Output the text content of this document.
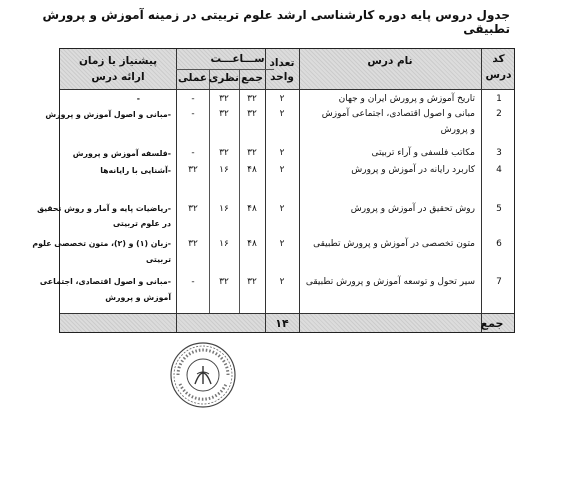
جدول دروس پایه دوره کارشناسی ارشد علوم تربیتی در زمینه آموزش و پرورش تطبیقی
کد
درس
نام درس
تعداد
واحد
ســـاعـــت
جمع
نظری
عملی
پیشنیاز یا زمان
ارائه درس
1
تاریخ آموزش و پرورش ایران و جهان
۲
۳۲
۳۲
-
-
2
مبانی و اصول اقتصادی، اجتماعی آموزش
و پرورش
۲
۳۲
۳۲
-
-مبانی و اصول آموزش و پرورش
3
مکاتب فلسفی و آراء تربیتی
۲
۳۲
۳۲
-
-فلسفه آموزش و پرورش
4
کاربرد رایانه در آموزش و پرورش
۲
۴۸
۱۶
۳۲
-آشنایی با رایانه‌ها
5
روش تحقیق در آموزش و پرورش
۲
۴۸
۱۶
۳۲
-ریاضیات پایه و آمار و روش تحقیق
در علوم تربیتی
6
متون تخصصی در آموزش و پرورش تطبیقی
۲
۴۸
۱۶
۳۲
-زبان (۱) و (۲)، متون تخصصی علوم
تربیتی
7
سیر تحول و توسعه آموزش و پرورش تطبیقی
۲
۳۲
۳۲
-
-مبانی و اصول اقتصادی، اجتماعی
آموزش و پرورش
جمع
۱۴
